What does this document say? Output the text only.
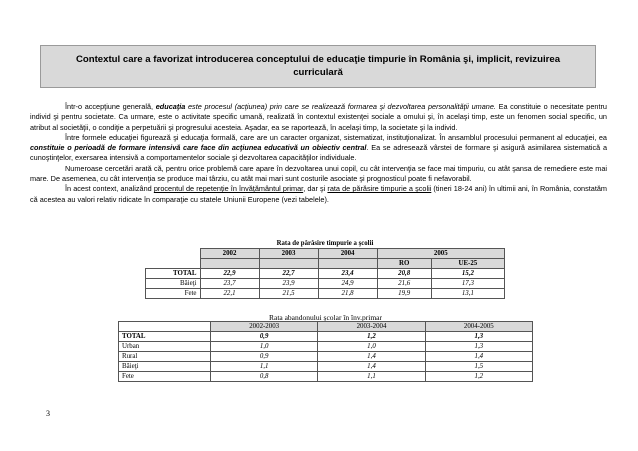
Contextul care a favorizat introducerea conceptului de educaţie timpurie în România şi, implicit, revizuirea curriculară

Într-o accepţiune generală, educaţia este procesul (acţiunea) prin care se realizează formarea şi dezvoltarea personalităţii umane. Ea constituie o necesitate pentru individ şi pentru societate. Ca urmare, este o activitate specific umană, realizată în contextul existenţei sociale a omului şi, în acelaşi timp, este un fenomen social specific, un atribut al societăţii, o condiţie a perpetuării şi progresului acesteia. Aşadar, ea se raportează, în acelaşi timp, la societate şi la individ.

Între formele educaţiei figurează şi educaţia formală, care are un caracter organizat, sistematizat, instituţionalizat. În ansamblul procesului permanent al educaţiei, ea constituie o perioadă de formare intensivă care face din acţiunea educativă un obiectiv central. Ea se adresează vârstei de formare şi asigură asimilarea sistematică a cunoştinţelor, exersarea intensivă a comportamentelor sociale şi dezvoltarea capacităţilor individuale.

Numeroase cercetări arată că, pentru orice problemă care apare în dezvoltarea unui copil, cu cât intervenţia se face mai timpuriu, cu atât şansa de remediere este mai mare. De asemenea, cu cât intervenţia se produce mai târziu, cu atât mai mari sunt costurile asociate şi prognosticul poate fi nefavorabil.

În acest context, analizând procentul de repetenţie în învăţământul primar, dar şi rata de părăsire timpurie a şcolii (tineri 18-24 ani) în ultimii ani, în România, constatăm că acestea au valori relativ ridicate în comparaţie cu statele Uniunii Europene (vezi tabelele).

Rata de părăsire timpurie a şcolii
	2002	2003	2004	2005	
				RO	UE-25
TOTAL	22,9	22,7	23,4	20,8	15,2
Băieţi	23,7	23,9	24,9	21,6	17,3
Fete	22,1	21,5	21,8	19,9	13,1
Rata abandonului şcolar în înv.primar
	2002-2003	2003-2004	2004-2005
TOTAL	0,9	1,2	1,3
Urban	1,0	1,0	1,3
Rural	0,9	1,4	1,4
Băieţi	1,1	1,4	1,5
Fete	0,8	1,1	1,2
3
